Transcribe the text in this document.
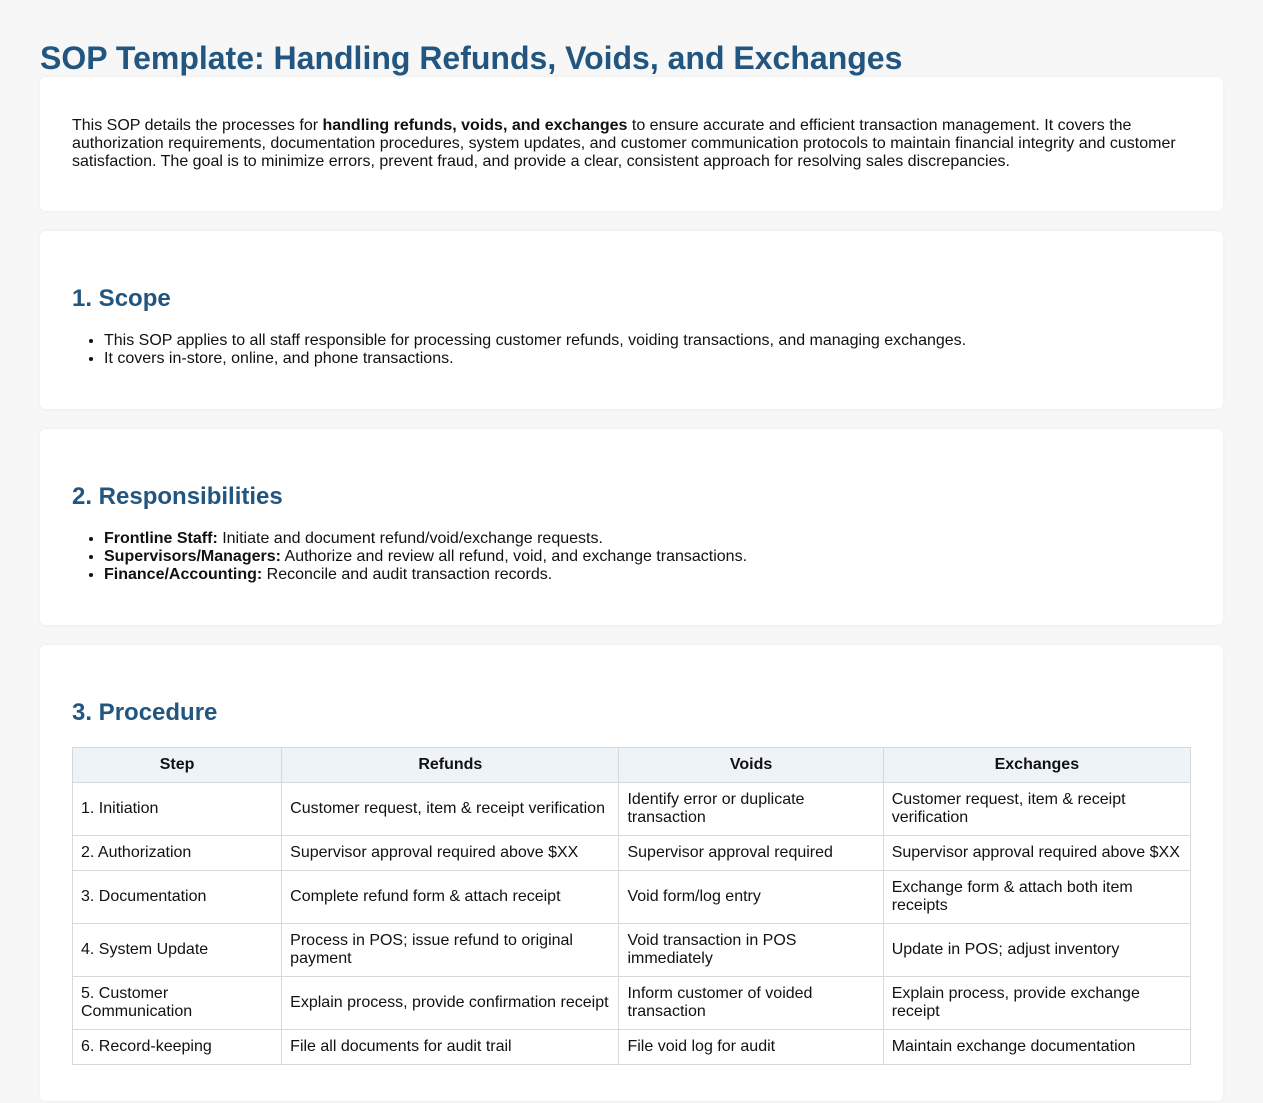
SOP Template: Handling Refunds, Voids, and Exchanges

This SOP details the processes for handling refunds, voids, and exchanges to ensure accurate and efficient transaction management. It covers the authorization requirements, documentation procedures, system updates, and customer communication protocols to maintain financial integrity and customer satisfaction. The goal is to minimize errors, prevent fraud, and provide a clear, consistent approach for resolving sales discrepancies.

1. Scope
• This SOP applies to all staff responsible for processing customer refunds, voiding transactions, and managing exchanges.
• It covers in-store, online, and phone transactions.
2. Responsibilities
• Frontline Staff: Initiate and document refund/void/exchange requests.
• Supervisors/Managers: Authorize and review all refund, void, and exchange transactions.
• Finance/Accounting: Reconcile and audit transaction records.
3. Procedure
Step	Refunds	Voids	Exchanges
1. Initiation	Customer request, item & receipt verification	Identify error or duplicate transaction	Customer request, item & receipt verification
2. Authorization	Supervisor approval required above $XX	Supervisor approval required	Supervisor approval required above $XX
3. Documentation	Complete refund form & attach receipt	Void form/log entry	Exchange form & attach both item receipts
4. System Update	Process in POS; issue refund to original payment	Void transaction in POS immediately	Update in POS; adjust inventory
5. Customer Communication	Explain process, provide confirmation receipt	Inform customer of voided transaction	Explain process, provide exchange receipt
6. Record-keeping	File all documents for audit trail	File void log for audit	Maintain exchange documentation
